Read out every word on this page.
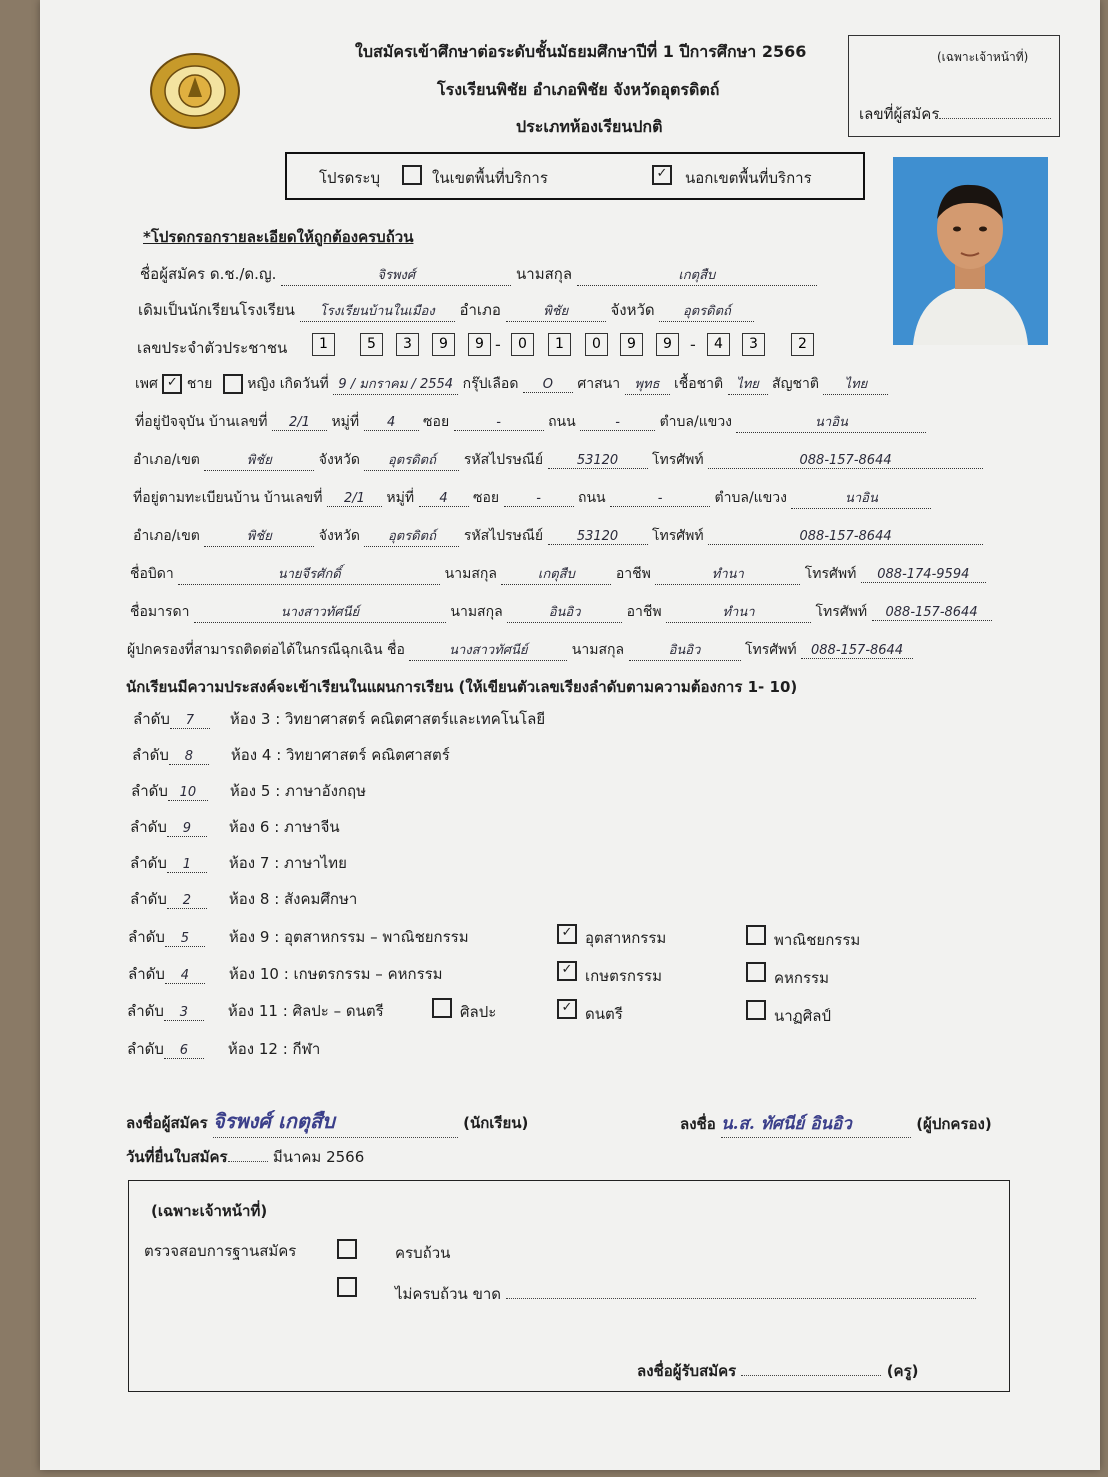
ใบสมัครเข้าศึกษาต่อระดับชั้นมัธยมศึกษาปีที่ 1 ปีการศึกษา 2566
โรงเรียนพิชัย อำเภอพิชัย จังหวัดอุตรดิตถ์
ประเภทห้องเรียนปกติ
(เฉพาะเจ้าหน้าที่)
เลขที่ผู้สมัคร
โปรดระบุ	ในเขตพื้นที่บริการ	✓	นอกเขตพื้นที่บริการ
*โปรดกรอกรายละเอียดให้ถูกต้องครบถ้วน
ชื่อผู้สมัคร ด.ช./ด.ญ.	จิรพงศ์	นามสกุล	เกตุสืบ
เดิมเป็นนักเรียนโรงเรียน โรงเรียนบ้านในเมือง อำเภอ	พิชัย	จังหวัด อุตรดิตถ์
เลขประจำตัวประชาชน	1	5	3	9	9 -	0	1	0	9	9	-	4	3	2
เพศ ✓ ชาย หญิง เกิดวันที่ 9 / มกราคม / 2554 กรุ๊ปเลือด O ศาสนา พุทธ เชื้อชาติ ไทย สัญชาติ ไทย
ที่อยู่ปัจจุบัน บ้านเลขที่ 2/1 หมู่ที่ 4 ซอย	-	ถนน	-	ตำบล/แขวง	นาอิน
อำเภอ/เขต	พิชัย	จังหวัด อุตรดิตถ์ รหัสไปรษณีย์	53120 โทรศัพท์	088-157-8644
ที่อยู่ตามทะเบียนบ้าน บ้านเลขที่ 2/1 หมู่ที่ 4 ซอย	-	ถนน	-	ตำบล/แขวง	นาอิน
อำเภอ/เขต	พิชัย	จังหวัด อุตรดิตถ์ รหัสไปรษณีย์	53120 โทรศัพท์	088-157-8644
ชื่อบิดา	นายจีรศักดิ์	นามสกุล	เกตุสืบ	อาชีพ	ทำนา	โทรศัพท์ 088-174-9594
ชื่อมารดา	นางสาวทัศนีย์	นามสกุล	อินอิว	อาชีพ	ทำนา	โทรศัพท์ 088-157-8644
ผู้ปกครองที่สามารถติดต่อได้ในกรณีฉุกเฉิน ชื่อ	นางสาวทัศนีย์	นามสกุล	อินอิว	โทรศัพท์ 088-157-8644
นักเรียนมีความประสงค์จะเข้าเรียนในแผนการเรียน (ให้เขียนตัวเลขเรียงลำดับตามความต้องการ 1- 10)
ลำดับ 7 ห้อง 3 : วิทยาศาสตร์ คณิตศาสตร์และเทคโนโลยี
ลำดับ 8	ห้อง 4 : วิทยาศาสตร์ คณิตศาสตร์
ลำดับ 10 ห้อง 5 : ภาษาอังกฤษ
ลำดับ 9	ห้อง 6 : ภาษาจีน
ลำดับ 1	ห้อง 7 : ภาษาไทย
ลำดับ 2	ห้อง 8 : สังคมศึกษา
ลำดับ 5	ห้อง 9 : อุตสาหกรรม – พาณิชยกรรม
ลำดับ 4	ห้อง 10 : เกษตรกรรม – คหกรรม
ลำดับ 3	ห้อง 11 : ศิลปะ – ดนตรี
ลำดับ 6	ห้อง 12 : กีฬา
✓ อุตสาหกรรม	พาณิชยกรรม
✓ เกษตรกรรม	คหกรรม
ศิลปะ	✓ ดนตรี	นาฏศิลป์
ลงชื่อผู้สมัคร จิรพงศ์ เกตุสืบ	(นักเรียน)	ลงชื่อ น.ส. ทัศนีย์ อินอิว	(ผู้ปกครอง)
วันที่ยื่นใบสมัคร	มีนาคม 2566
(เฉพาะเจ้าหน้าที่)
ตรวจสอบการฐานสมัคร	ครบถ้วน
ไม่ครบถ้วน ขาด
ลงชื่อผู้รับสมัคร	(ครู)
